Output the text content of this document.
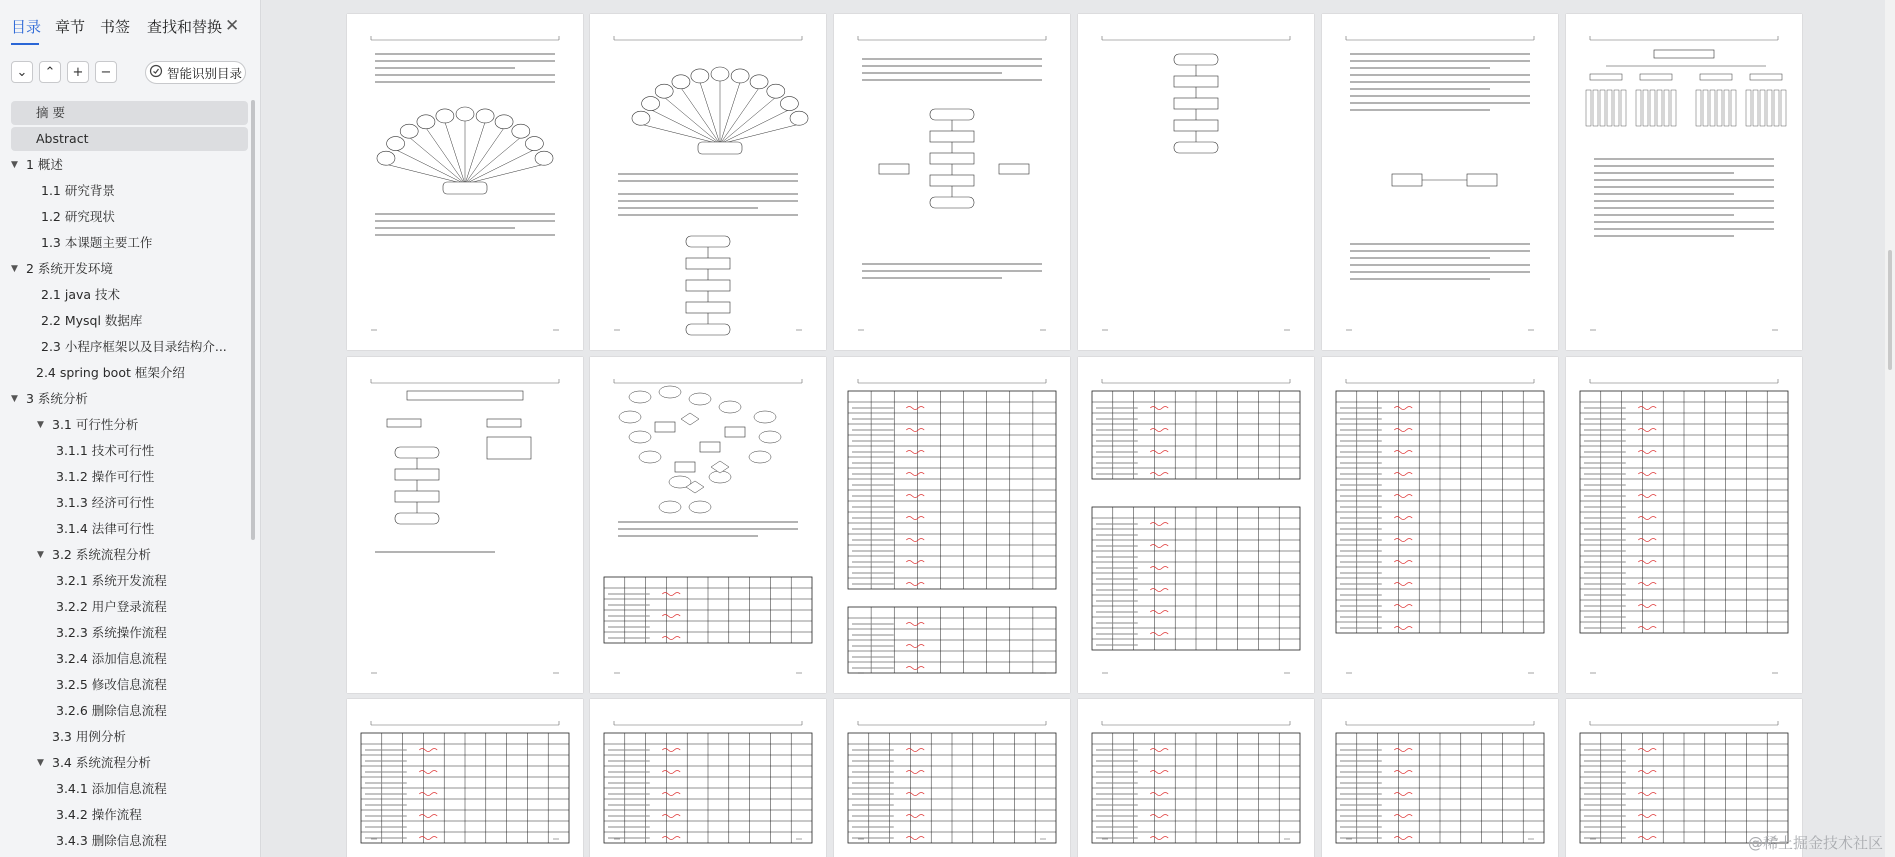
目录 章节 书签 查找和替换 ✕
⌄ ⌃ + −	智能识别目录
摘 要
Abstract
▼ 1 概述
1.1 研究背景
1.2 研究现状
1.3 本课题主要工作
▼ 2 系统开发环境
2.1 java 技术
2.2 Mysql 数据库
2.3 小程序框架以及目录结构介...
2.4 spring boot 框架介绍
▼ 3 系统分析
▼ 3.1 可行性分析
3.1.1 技术可行性
3.1.2 操作可行性
3.1.3 经济可行性
3.1.4 法律可行性
▼ 3.2 系统流程分析
3.2.1 系统开发流程
3.2.2 用户登录流程
3.2.3 系统操作流程
3.2.4 添加信息流程
3.2.5 修改信息流程
3.2.6 删除信息流程
3.3 用例分析
▼ 3.4 系统流程分析
3.4.1 添加信息流程
3.4.2 操作流程
3.4.3 删除信息流程	@稀土掘金技术社区
